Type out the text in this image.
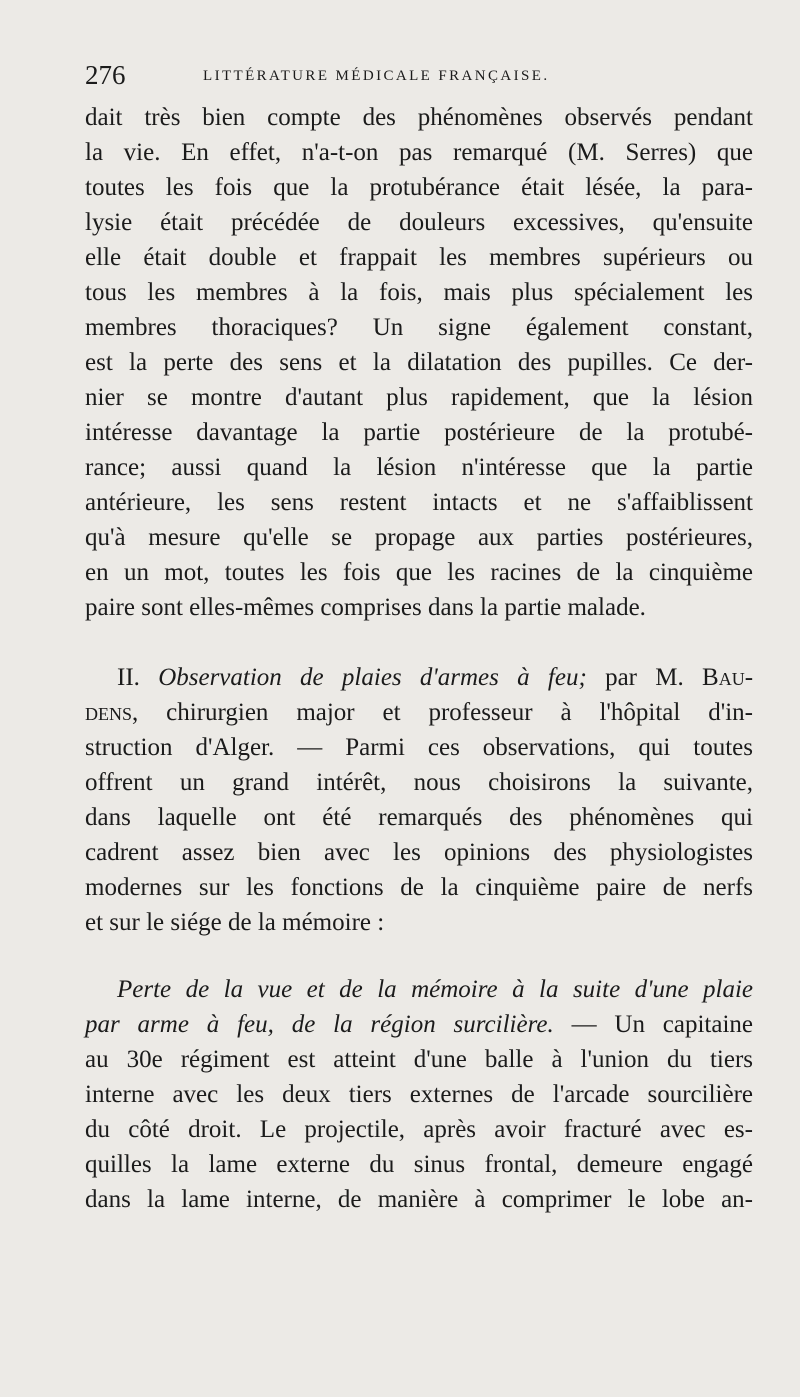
276	LITTÉRATURE MÉDICALE FRANÇAISE.
dait très bien compte des phénomènes observés pendant
la vie. En effet, n'a-t-on pas remarqué (M. Serres) que
toutes les fois que la protubérance était lésée, la para-
lysie était précédée de douleurs excessives, qu'ensuite
elle était double et frappait les membres supérieurs ou
tous les membres à la fois, mais plus spécialement les
membres thoraciques? Un signe également constant,
est la perte des sens et la dilatation des pupilles. Ce der-
nier se montre d'autant plus rapidement, que la lésion
intéresse davantage la partie postérieure de la protubé-
rance; aussi quand la lésion n'intéresse que la partie
antérieure, les sens restent intacts et ne s'affaiblissent
qu'à mesure qu'elle se propage aux parties postérieures,
en un mot, toutes les fois que les racines de la cinquième
paire sont elles-mêmes comprises dans la partie malade.
II. Observation de plaies d'armes à feu; par M. Bau-
dens, chirurgien major et professeur à l'hôpital d'in-
struction d'Alger. — Parmi ces observations, qui toutes
offrent un grand intérêt, nous choisirons la suivante,
dans laquelle ont été remarqués des phénomènes qui
cadrent assez bien avec les opinions des physiologistes
modernes sur les fonctions de la cinquième paire de nerfs
et sur le siége de la mémoire :
Perte de la vue et de la mémoire à la suite d'une plaie
par arme à feu, de la région surcilière. — Un capitaine
au 30e régiment est atteint d'une balle à l'union du tiers
interne avec les deux tiers externes de l'arcade sourcilière
du côté droit. Le projectile, après avoir fracturé avec es-
quilles la lame externe du sinus frontal, demeure engagé
dans la lame interne, de manière à comprimer le lobe an-
